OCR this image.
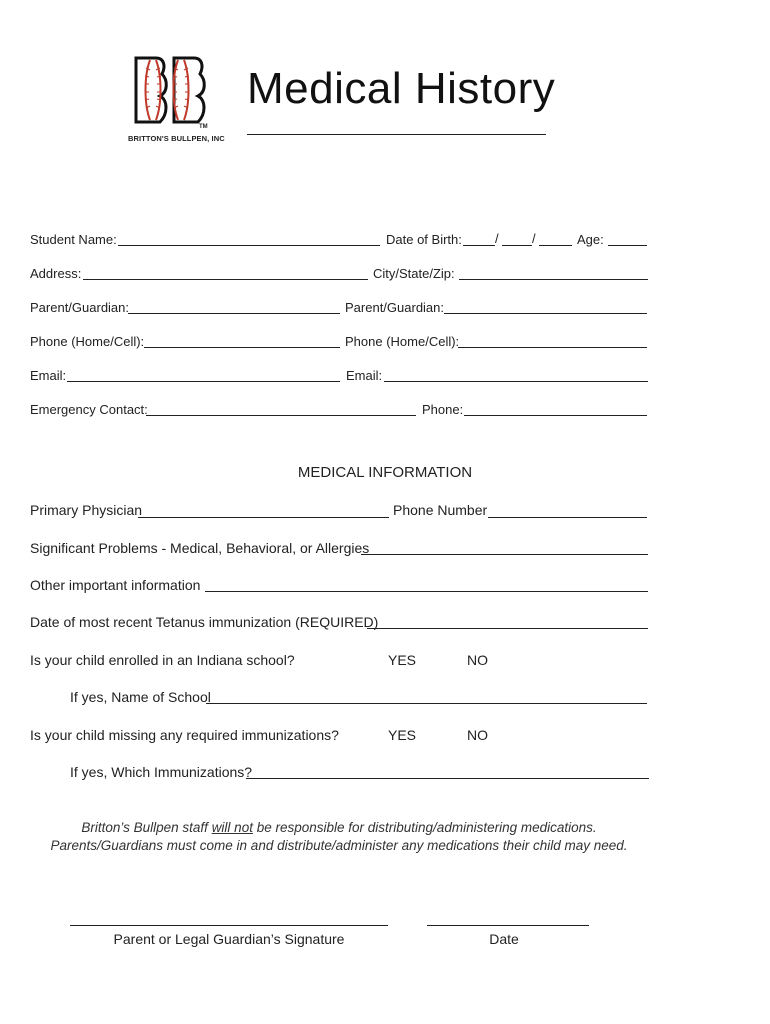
TM
BRITTON'S BULLPEN, INC
Medical History
Student Name:	Date of Birth:	/	/	Age:
Address:	City/State/Zip:
Parent/Guardian:	Parent/Guardian:
Phone (Home/Cell):	Phone (Home/Cell):
Email:	Email:
Emergency Contact:	Phone:
MEDICAL INFORMATION
Primary Physician	Phone Number
Significant Problems - Medical, Behavioral, or Allergies
Other important information
Date of most recent Tetanus immunization (REQUIRED)
Is your child enrolled in an Indiana school?	YES	NO
If yes, Name of School
Is your child missing any required immunizations?	YES	NO
If yes, Which Immunizations?
Britton’s Bullpen staff will not be responsible for distributing/administering medications.
Parents/Guardians must come in and distribute/administer any medications their child may need.
Parent or Legal Guardian’s Signature	Date
